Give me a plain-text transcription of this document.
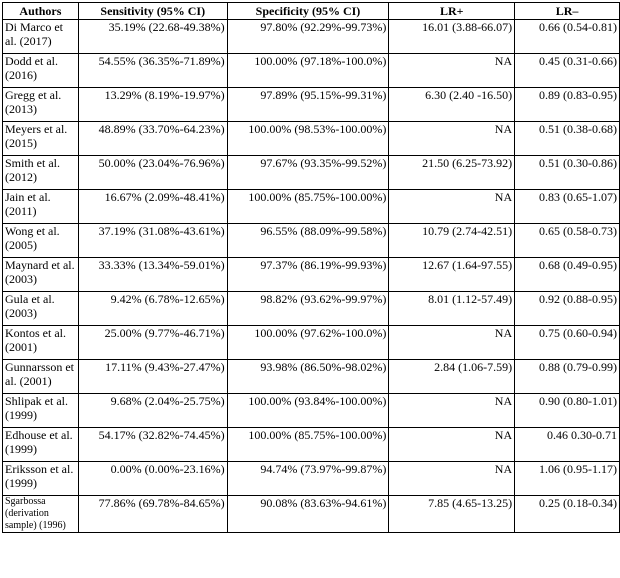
Authors	Sensitivity (95% CI)	Specificity (95% CI)	LR+	LR–
Di Marco et al. (2017)	35.19% (22.68-49.38%)	97.80% (92.29%-99.73%)	16.01 (3.88-66.07)	0.66 (0.54-0.81)
Dodd et al. (2016)	54.55% (36.35%-71.89%)	100.00% (97.18%-100.0%)	NA	0.45 (0.31-0.66)
Gregg et al. (2013)	13.29% (8.19%-19.97%)	97.89% (95.15%-99.31%)	6.30 (2.40 -16.50)	0.89 (0.83-0.95)
Meyers et al. (2015)	48.89% (33.70%-64.23%)	100.00% (98.53%-100.00%)	NA	0.51 (0.38-0.68)
Smith et al. (2012)	50.00% (23.04%-76.96%)	97.67% (93.35%-99.52%)	21.50 (6.25-73.92)	0.51 (0.30-0.86)
Jain et al. (2011)	16.67% (2.09%-48.41%)	100.00% (85.75%-100.00%)	NA	0.83 (0.65-1.07)
Wong et al. (2005)	37.19% (31.08%-43.61%)	96.55% (88.09%-99.58%)	10.79 (2.74-42.51)	0.65 (0.58-0.73)
Maynard et al. (2003)	33.33% (13.34%-59.01%)	97.37% (86.19%-99.93%)	12.67 (1.64-97.55)	0.68 (0.49-0.95)
Gula et al. (2003)	9.42% (6.78%-12.65%)	98.82% (93.62%-99.97%)	8.01 (1.12-57.49)	0.92 (0.88-0.95)
Kontos et al. (2001)	25.00% (9.77%-46.71%)	100.00% (97.62%-100.0%)	NA	0.75 (0.60-0.94)
Gunnarsson et al. (2001)	17.11% (9.43%-27.47%)	93.98% (86.50%-98.02%)	2.84 (1.06-7.59)	0.88 (0.79-0.99)
Shlipak et al. (1999)	9.68% (2.04%-25.75%)	100.00% (93.84%-100.00%)	NA	0.90 (0.80-1.01)
Edhouse et al. (1999)	54.17% (32.82%-74.45%)	100.00% (85.75%-100.00%)	NA	0.46 0.30-0.71
Eriksson et al. (1999)	0.00% (0.00%-23.16%)	94.74% (73.97%-99.87%)	NA	1.06 (0.95-1.17)
Sgarbossa (derivation sample) (1996)	77.86% (69.78%-84.65%)	90.08% (83.63%-94.61%)	7.85 (4.65-13.25)	0.25 (0.18-0.34)
